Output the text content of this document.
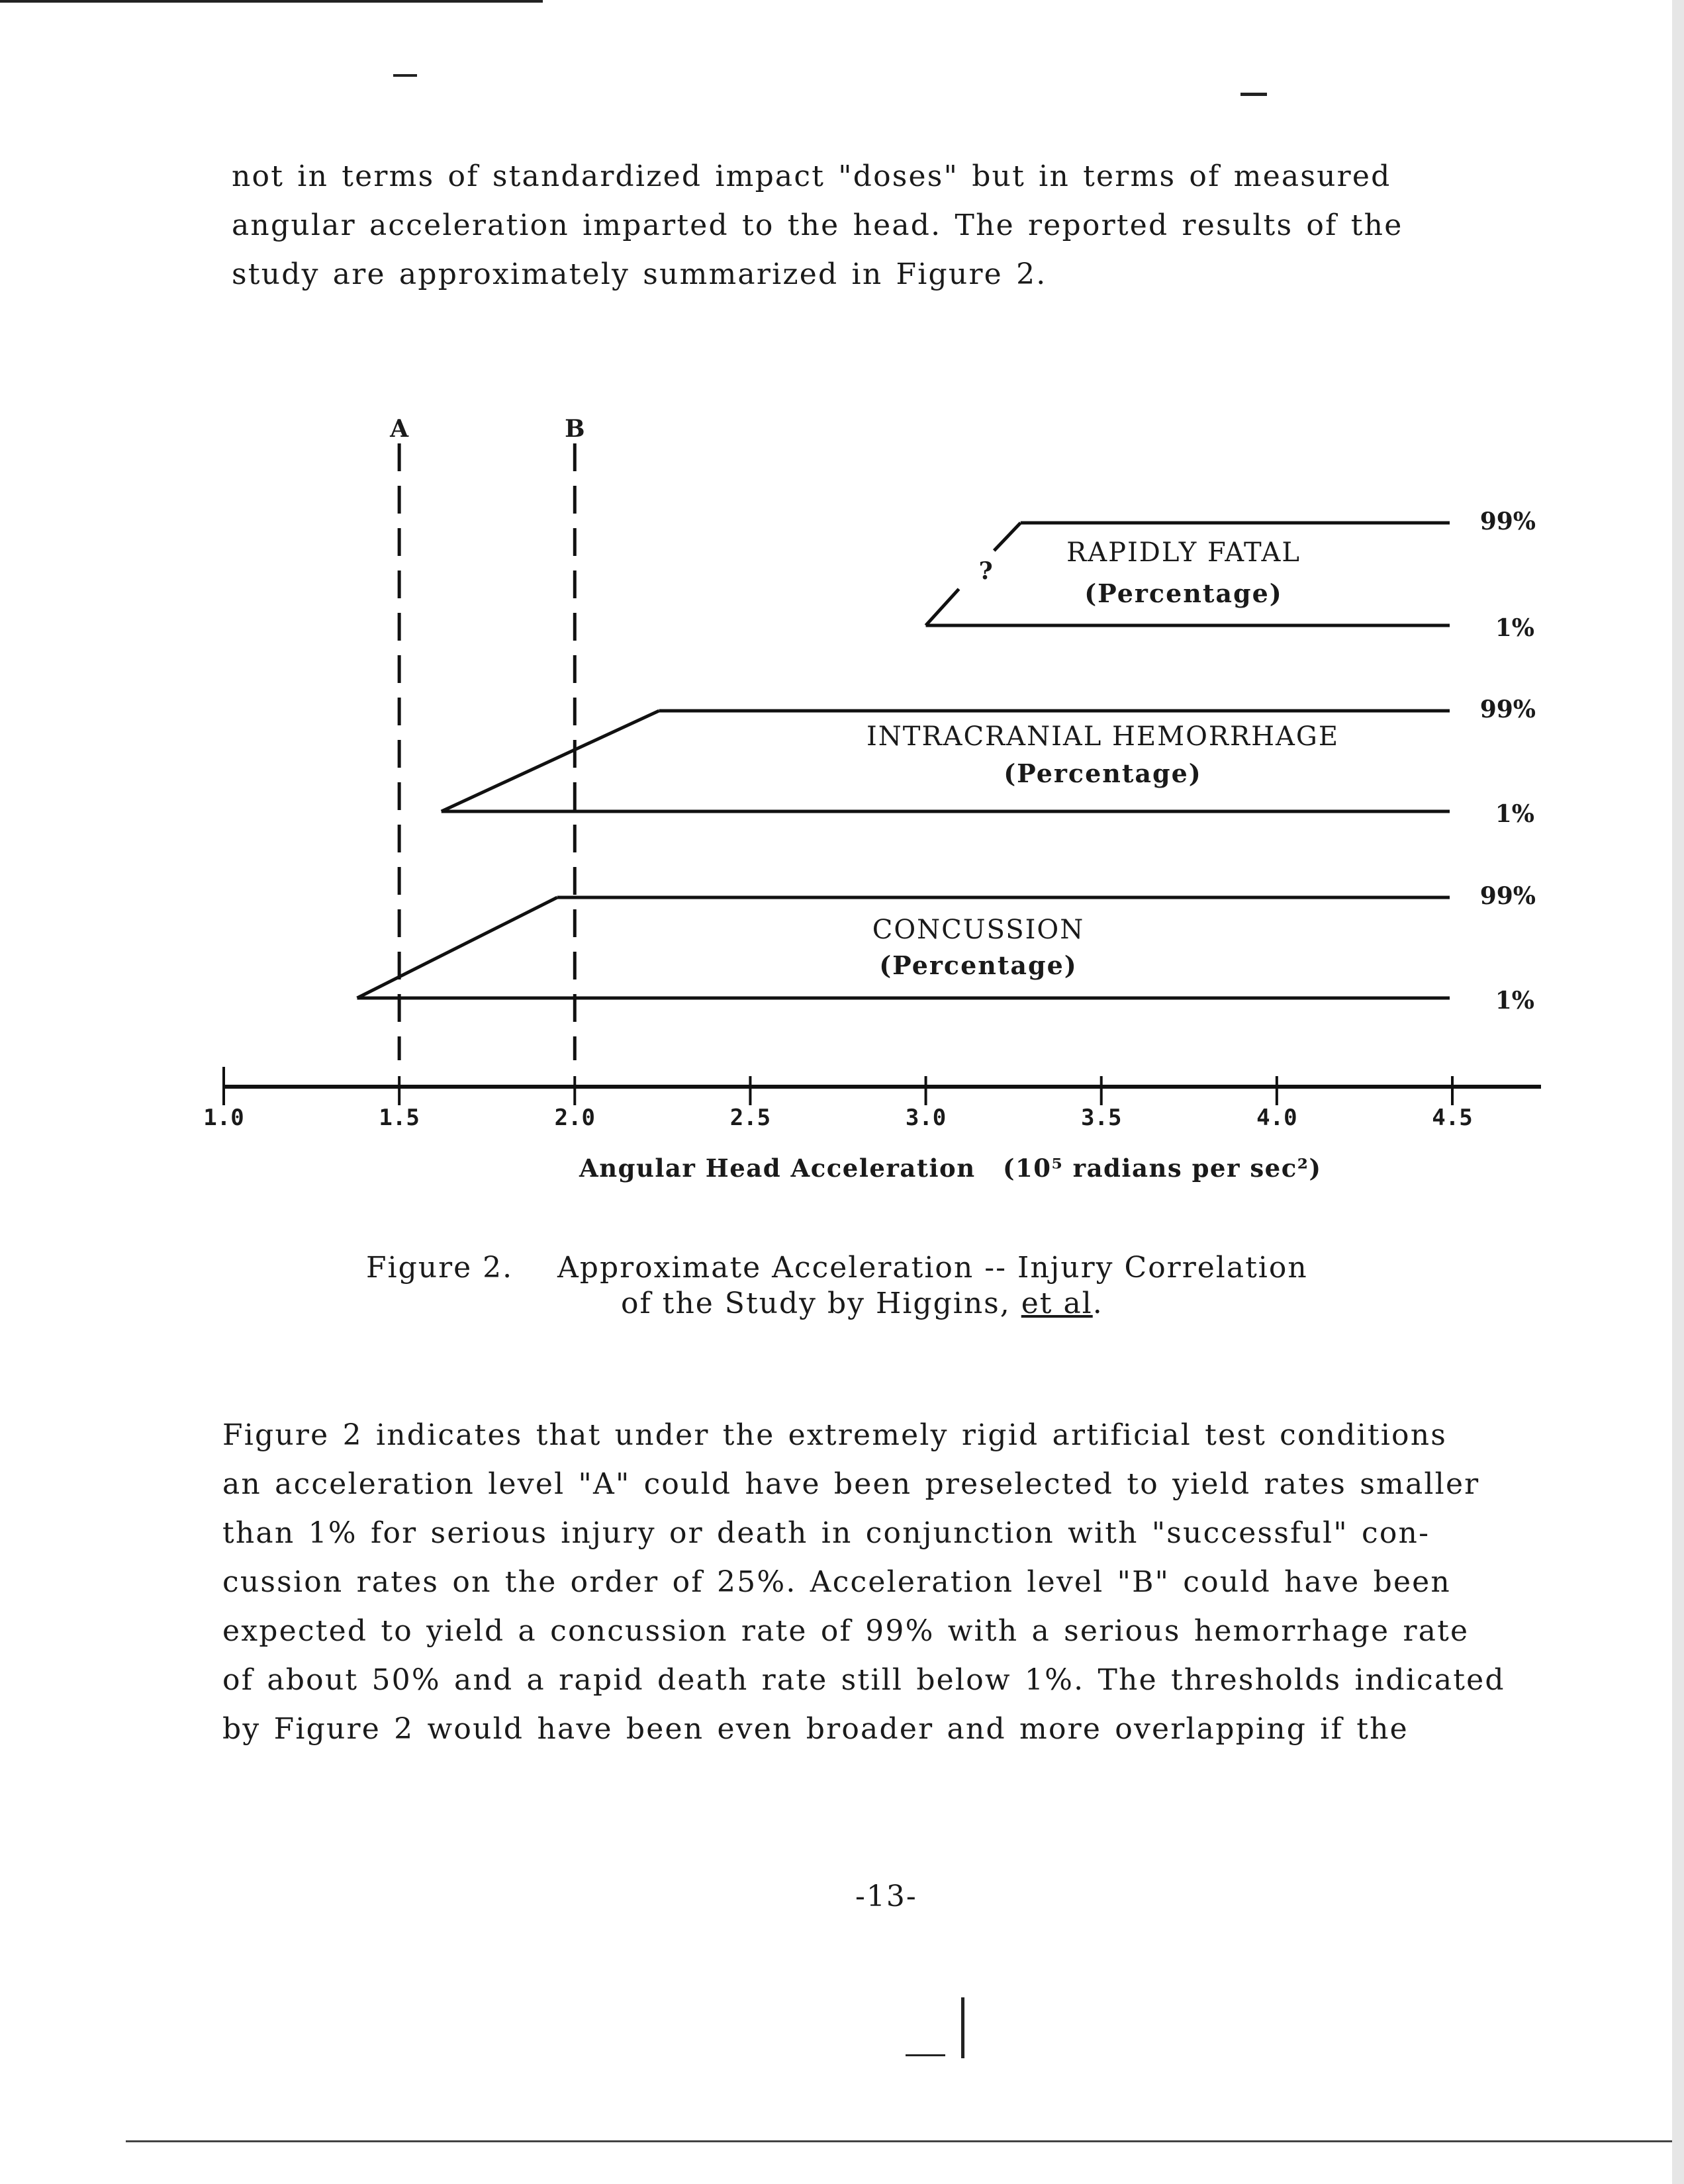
not in terms of standardized impact "doses" but in terms of measured

angular acceleration imparted to the head. The reported results of the

study are approximately summarized in Figure 2.

A	B
CONCUSSION
(Percentage)
99%
1%
INTRACRANIAL HEMORRHAGE
(Percentage)
99%
1%
?
RAPIDLY FATAL
(Percentage)
99%
1%
1.0	1.5	2.0	2.5	3.0	3.5	4.0	4.5
Angular Head Acceleration (10⁵ radians per sec²)
Figure 2. Approximate Acceleration -- Injury Correlation
of the Study by Higgins, et al.

Figure 2 indicates that under the extremely rigid artificial test conditions

an acceleration level "A" could have been preselected to yield rates smaller

than 1% for serious injury or death in conjunction with "successful" con-

cussion rates on the order of 25%. Acceleration level "B" could have been

expected to yield a concussion rate of 99% with a serious hemorrhage rate

of about 50% and a rapid death rate still below 1%. The thresholds indicated

by Figure 2 would have been even broader and more overlapping if the

-13-
